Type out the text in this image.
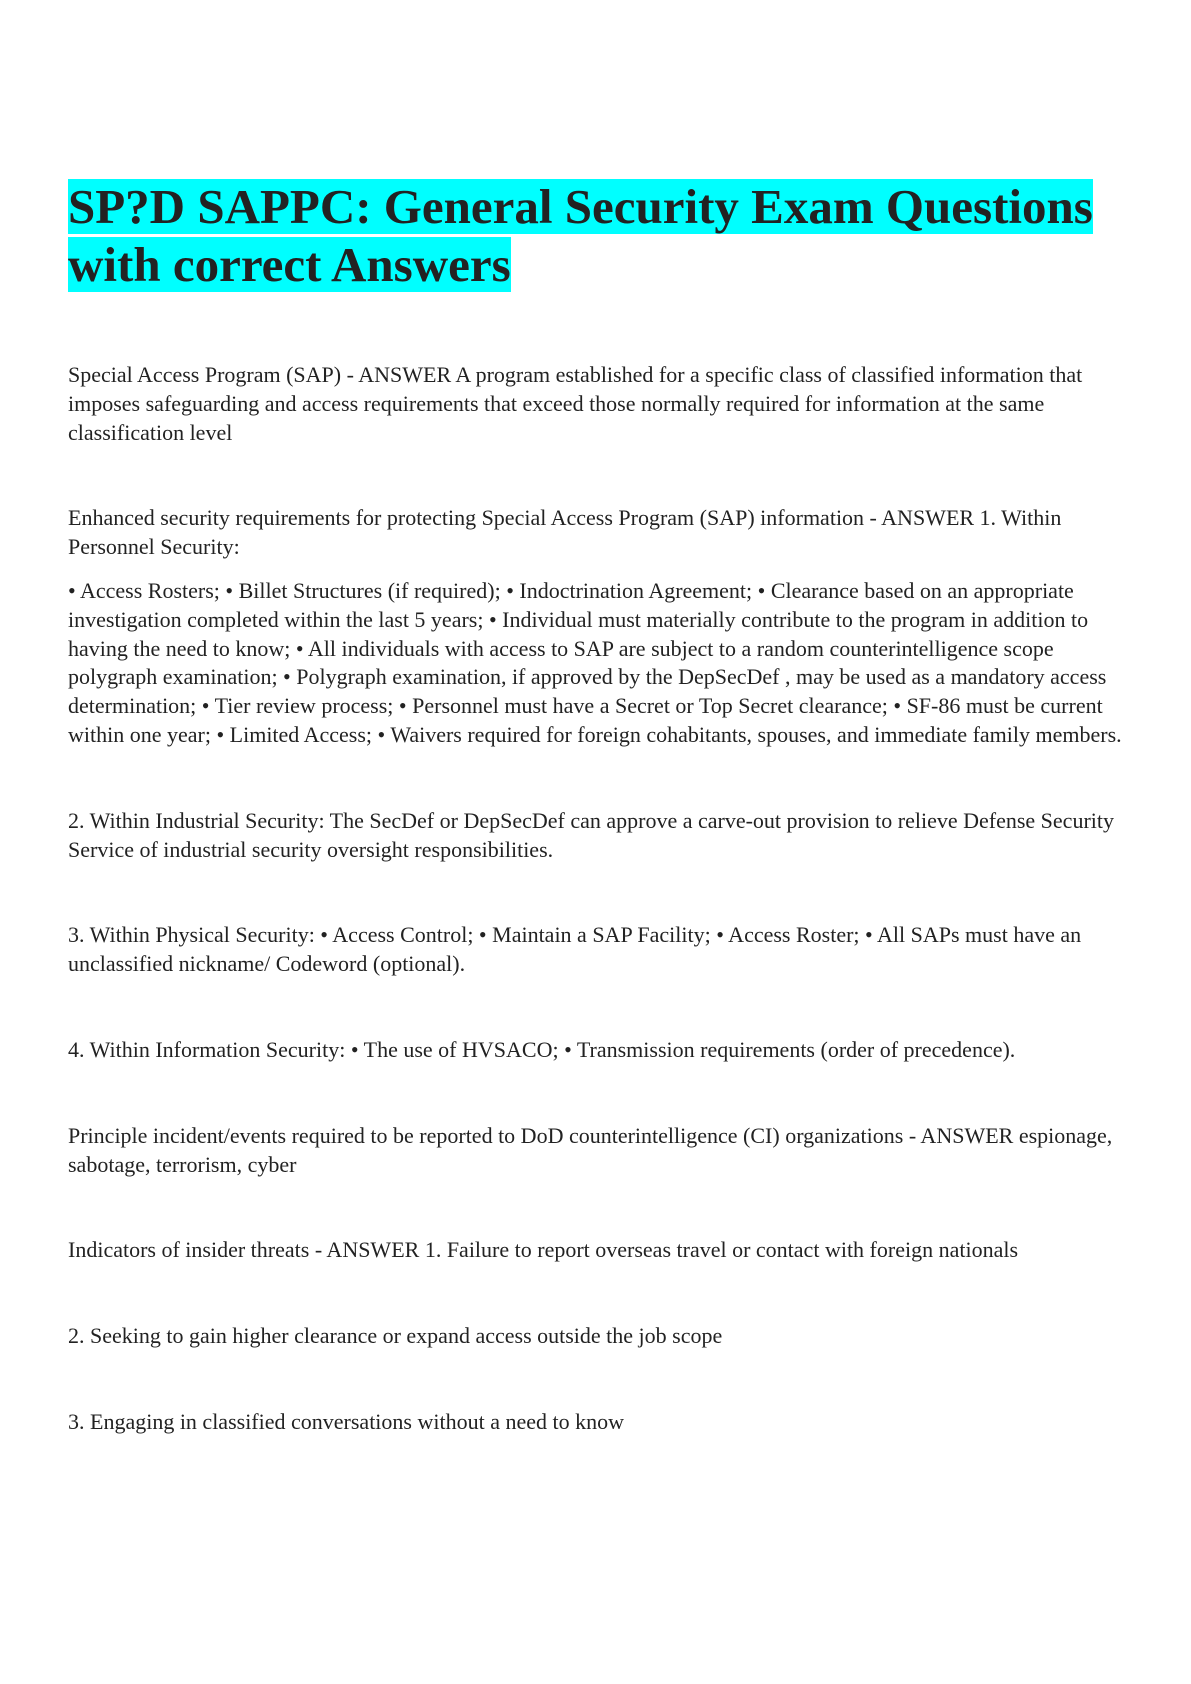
SP?D SAPPC: General Security Exam Questions
with correct Answers

Special Access Program (SAP) - ANSWER A program established for a specific class of classified information that imposes safeguarding and access requirements that exceed those normally required for information at the same classification level

Enhanced security requirements for protecting Special Access Program (SAP) information - ANSWER 1. Within Personnel Security:

• Access Rosters; • Billet Structures (if required); • Indoctrination Agreement; • Clearance based on an appropriate investigation completed within the last 5 years; • Individual must materially contribute to the program in addition to having the need to know; • All individuals with access to SAP are subject to a random counterintelligence scope polygraph examination; • Polygraph examination, if approved by the DepSecDef , may be used as a mandatory access determination; • Tier review process; • Personnel must have a Secret or Top Secret clearance; • SF-86 must be current within one year; • Limited Access; • Waivers required for foreign cohabitants, spouses, and immediate family members.

2. Within Industrial Security: The SecDef or DepSecDef can approve a carve-out provision to relieve Defense Security Service of industrial security oversight responsibilities.

3. Within Physical Security: • Access Control; • Maintain a SAP Facility; • Access Roster; • All SAPs must have an unclassified nickname/ Codeword (optional).

4. Within Information Security: • The use of HVSACO; • Transmission requirements (order of precedence).

Principle incident/events required to be reported to DoD counterintelligence (CI) organizations - ANSWER espionage, sabotage, terrorism, cyber

Indicators of insider threats - ANSWER 1. Failure to report overseas travel or contact with foreign nationals

2. Seeking to gain higher clearance or expand access outside the job scope

3. Engaging in classified conversations without a need to know
